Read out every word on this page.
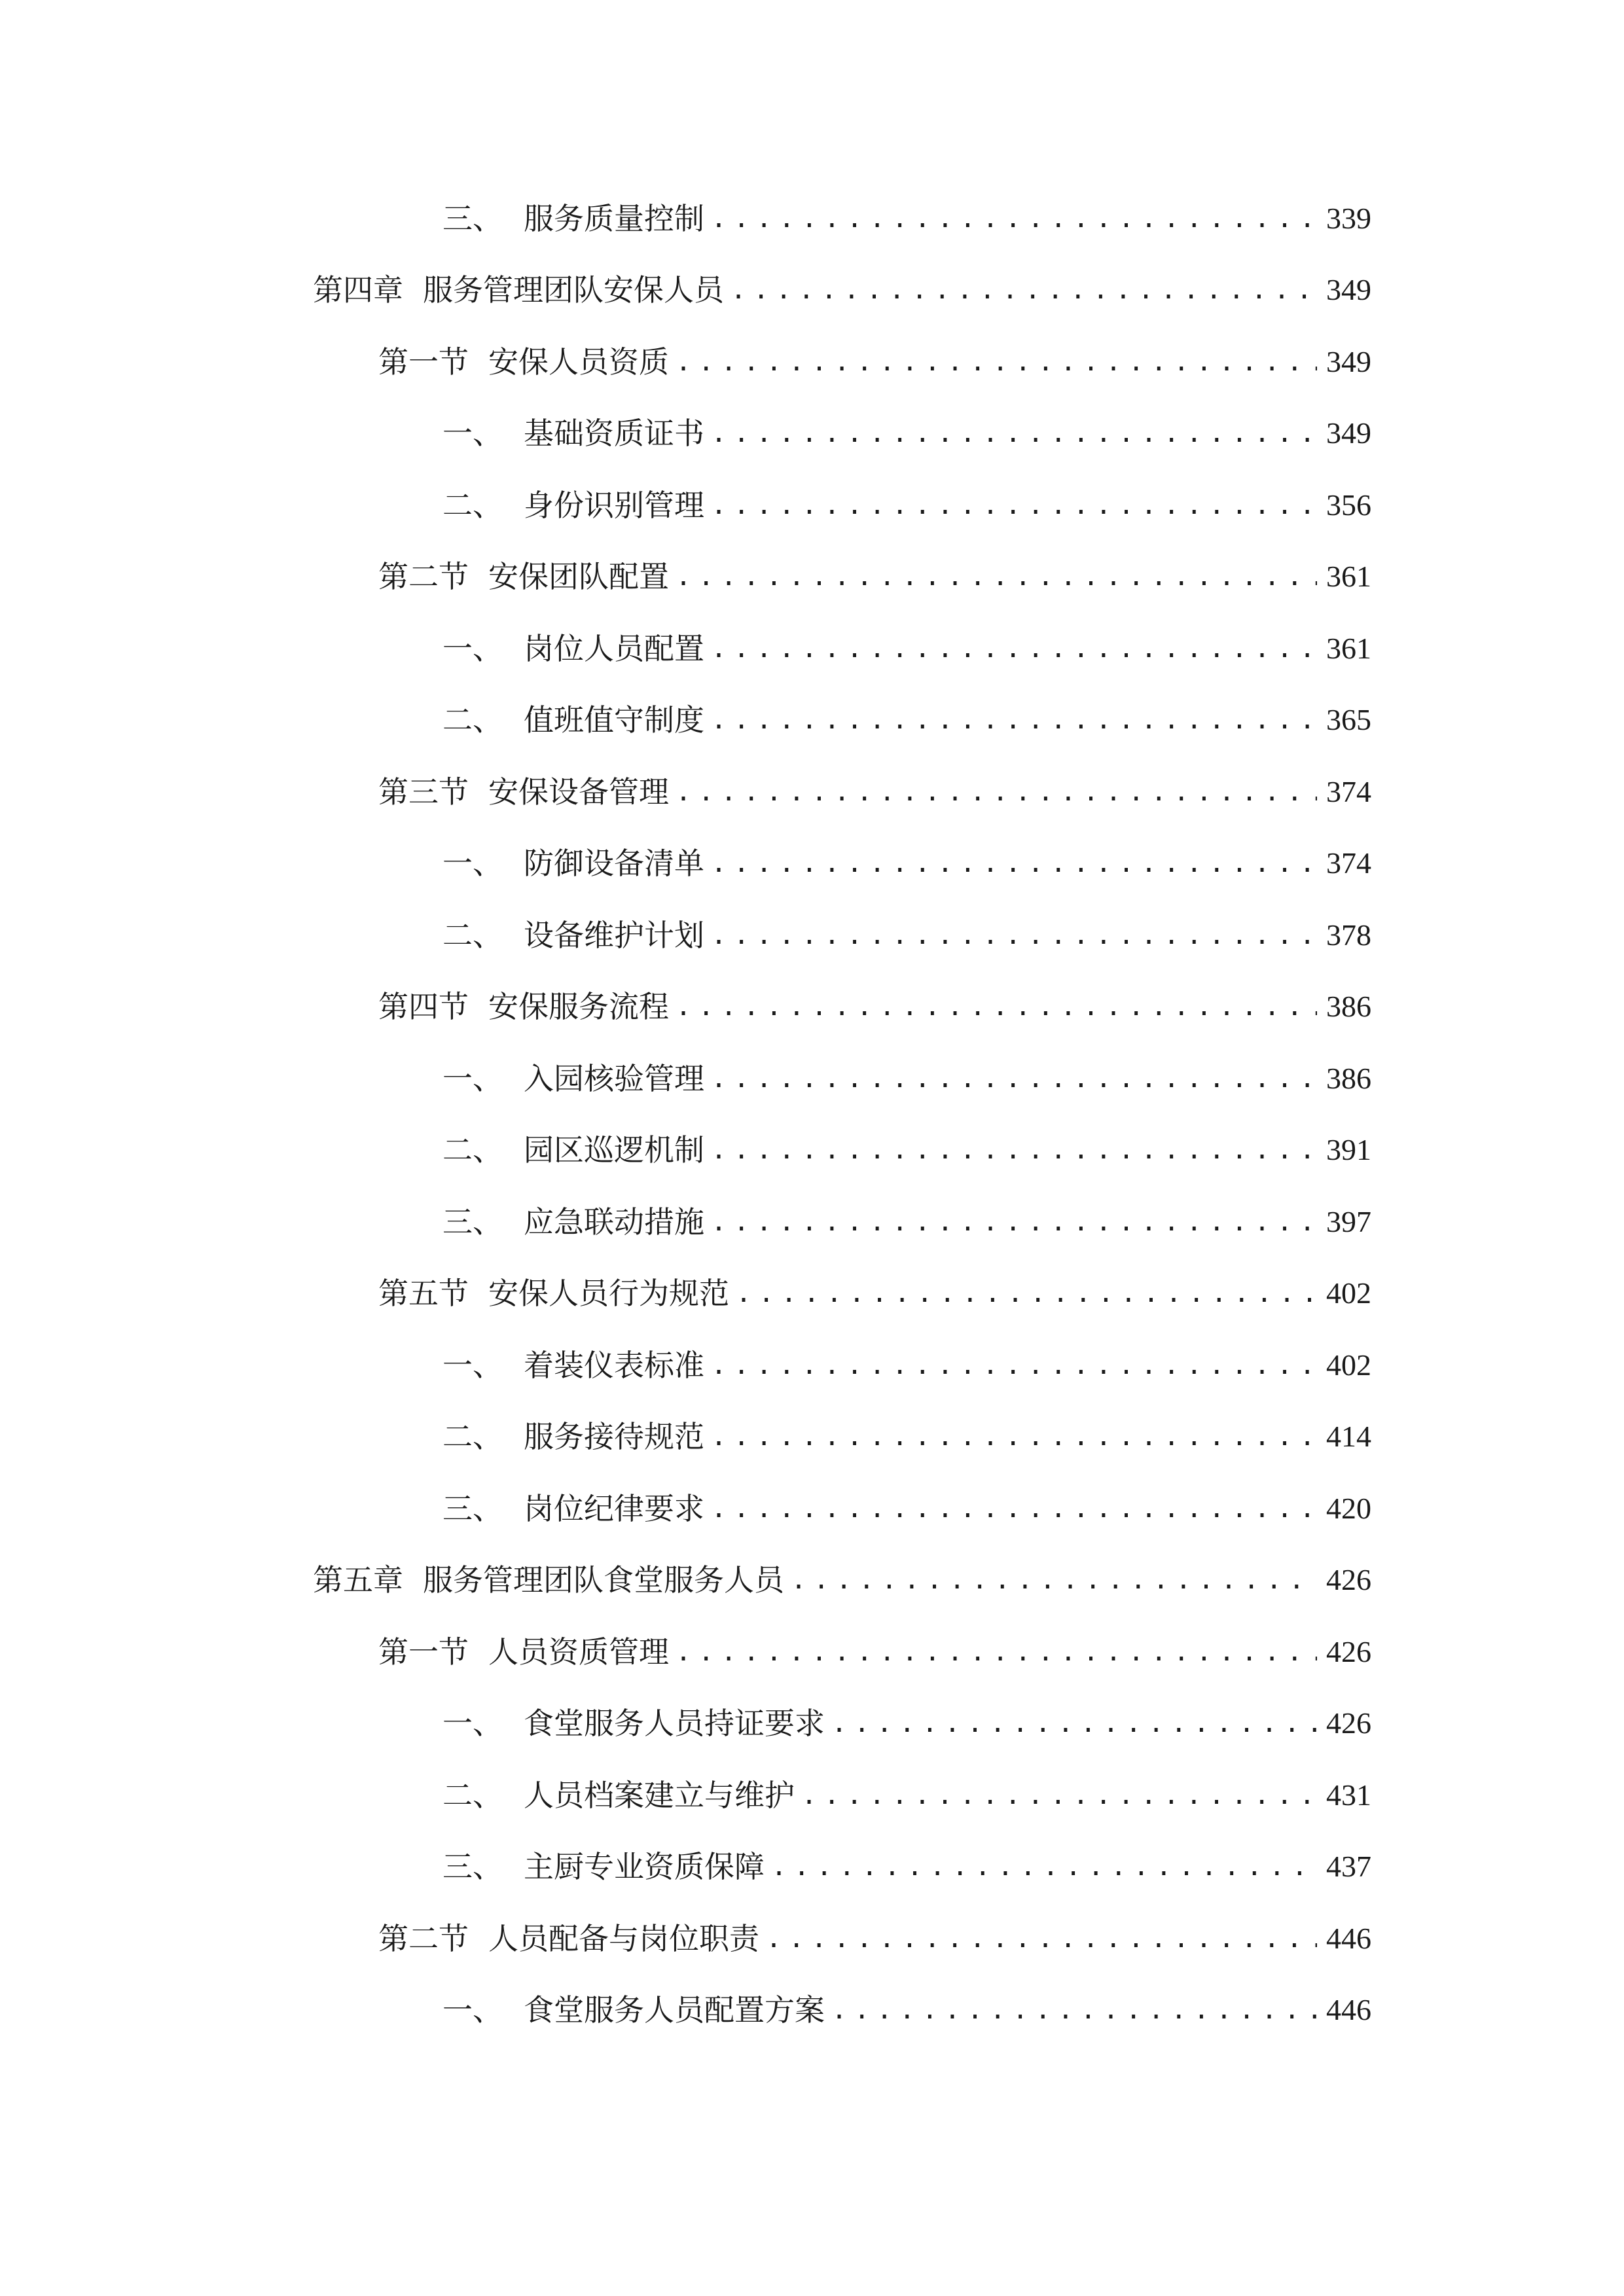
三、 服务质量控制 .....	339
第四章 服务管理团队安保人员 .....	349
第一节 安保人员资质 .....	349
一、 基础资质证书 .....	349
二、 身份识别管理 .....	356
第二节 安保团队配置 .....	361
一、 岗位人员配置 .....	361
二、 值班值守制度 .....	365
第三节 安保设备管理 .....	374
一、 防御设备清单 .....	374
二、 设备维护计划 .....	378
第四节 安保服务流程 .....	386
一、 入园核验管理 .....	386
二、 园区巡逻机制 .....	391
三、 应急联动措施 .....	397
第五节 安保人员行为规范 .....	402
一、 着装仪表标准 .....	402
二、 服务接待规范 .....	414
三、 岗位纪律要求 .....	420
第五章 服务管理团队食堂服务人员 .....	426
第一节 人员资质管理 .....	426
一、 食堂服务人员持证要求 .....	426
二、 人员档案建立与维护 .....	431
三、 主厨专业资质保障 .....	437
第二节 人员配备与岗位职责 .....	446
一、 食堂服务人员配置方案 .....	446
